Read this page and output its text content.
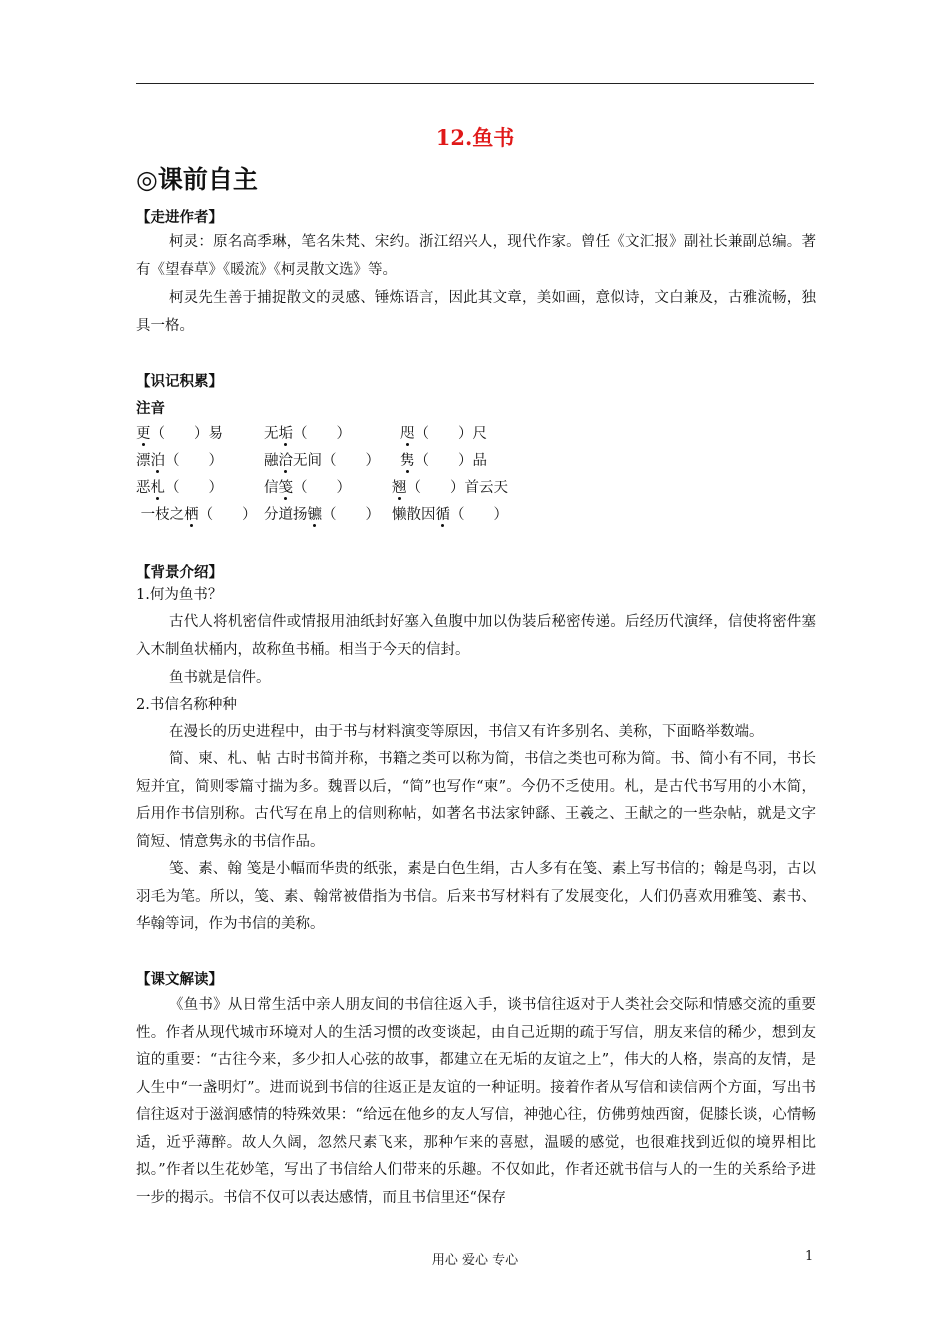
12.鱼书
◎课前自主
【走进作者】

柯灵：原名高季琳，笔名朱梵、宋约。浙江绍兴人，现代作家。曾任《文汇报》副社长兼副总编。著有《望春草》《暖流》《柯灵散文选》等。

柯灵先生善于捕捉散文的灵感、锤炼语言，因此其文章，美如画，意似诗，文白兼及，古雅流畅，独具一格。

【识记积累】
注音
更（　　）易	无垢（　　）	咫（　　）尺
漂泊（　　）	融洽无间（　　） 隽（　　）品
恶札（　　）	信笺（　　）	翘（　　）首云天
一枝之栖（　　） 分道扬镳（　　） 懒散因循（　　）
【背景介绍】

1.何为鱼书？

古代人将机密信件或情报用油纸封好塞入鱼腹中加以伪装后秘密传递。后经历代演绎，信使将密件塞入木制鱼状桶内，故称鱼书桶。相当于今天的信封。

鱼书就是信件。

2.书信名称种种

在漫长的历史进程中，由于书与材料演变等原因，书信又有许多别名、美称，下面略举数端。

简、柬、札、帖 古时书简并称，书籍之类可以称为简，书信之类也可称为简。书、简小有不同，书长短并宜，简则零篇寸揣为多。魏晋以后，“简”也写作“柬”。今仍不乏使用。札，是古代书写用的小木简，后用作书信别称。古代写在帛上的信则称帖，如著名书法家钟繇、王羲之、王献之的一些杂帖，就是文字简短、情意隽永的书信作品。

笺、素、翰 笺是小幅而华贵的纸张，素是白色生绢，古人多有在笺、素上写书信的；翰是鸟羽，古以羽毛为笔。所以，笺、素、翰常被借指为书信。后来书写材料有了发展变化，人们仍喜欢用雅笺、素书、华翰等词，作为书信的美称。

【课文解读】

《鱼书》从日常生活中亲人朋友间的书信往返入手，谈书信往返对于人类社会交际和情感交流的重要性。作者从现代城市环境对人的生活习惯的改变谈起，由自己近期的疏于写信，朋友来信的稀少，想到友谊的重要：“古往今来，多少扣人心弦的故事，都建立在无垢的友谊之上”，伟大的人格，崇高的友情，是人生中“一盏明灯”。进而说到书信的往返正是友谊的一种证明。接着作者从写信和读信两个方面，写出书信往返对于滋润感情的特殊效果：“给远在他乡的友人写信，神弛心往，仿佛剪烛西窗，促膝长谈，心情畅适，近乎薄醉。故人久阔，忽然尺素飞来，那种乍来的喜慰，温暖的感觉，也很难找到近似的境界相比拟。”作者以生花妙笔，写出了书信给人们带来的乐趣。不仅如此，作者还就书信与人的一生的关系给予进一步的揭示。书信不仅可以表达感情，而且书信里还“保存

用心 爱心 专心	1
